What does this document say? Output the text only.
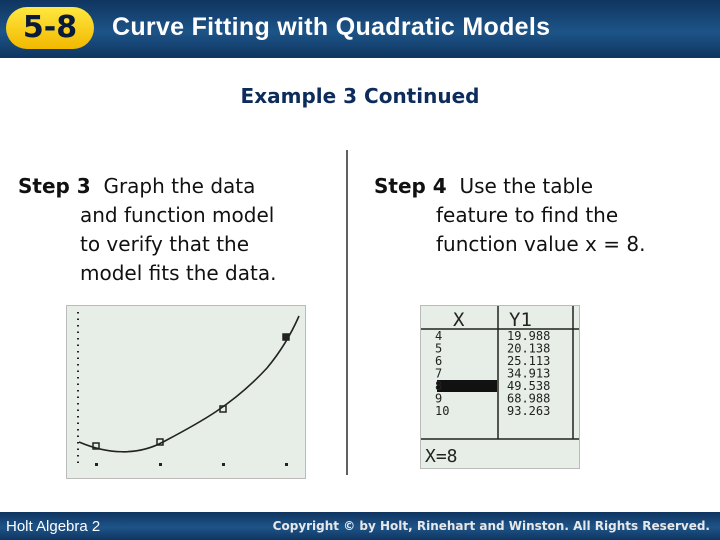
5-8	Curve Fitting with Quadratic Models
Example 3 Continued
Step 3 Graph the data
and function model
to verify that the
model fits the data.
Step 4 Use the table
feature to find the
function value x = 8.
X Y1
4	19.988
5	20.138
6	25.113
7	34.913
8	49.538
9	68.988
10	93.263
X=8
Holt Algebra 2	Copyright © by Holt, Rinehart and Winston. All Rights Reserved.
